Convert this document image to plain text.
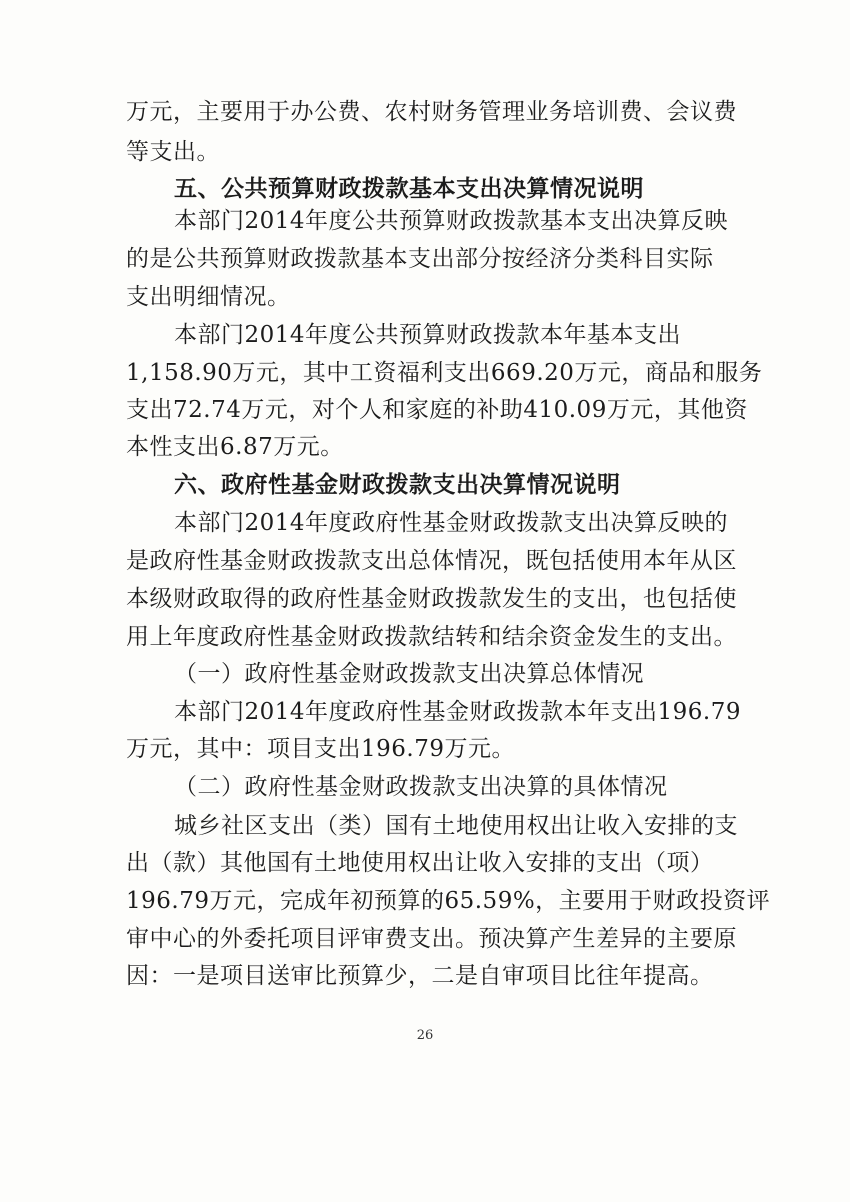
万元，主要用于办公费、农村财务管理业务培训费、会议费
等支出。
五、公共预算财政拨款基本支出决算情况说明
本部门2014年度公共预算财政拨款基本支出决算反映
的是公共预算财政拨款基本支出部分按经济分类科目实际
支出明细情况。
本部门2014年度公共预算财政拨款本年基本支出
1,158.90万元，其中工资福利支出669.20万元，商品和服务
支出72.74万元，对个人和家庭的补助410.09万元，其他资
本性支出6.87万元。
六、政府性基金财政拨款支出决算情况说明
本部门2014年度政府性基金财政拨款支出决算反映的
是政府性基金财政拨款支出总体情况，既包括使用本年从区
本级财政取得的政府性基金财政拨款发生的支出，也包括使
用上年度政府性基金财政拨款结转和结余资金发生的支出。
（一）政府性基金财政拨款支出决算总体情况
本部门2014年度政府性基金财政拨款本年支出196.79
万元，其中：项目支出196.79万元。
（二）政府性基金财政拨款支出决算的具体情况
城乡社区支出（类）国有土地使用权出让收入安排的支
出（款）其他国有土地使用权出让收入安排的支出（项）
196.79万元，完成年初预算的65.59%，主要用于财政投资评
审中心的外委托项目评审费支出。预决算产生差异的主要原
因：一是项目送审比预算少，二是自审项目比往年提高。
26
